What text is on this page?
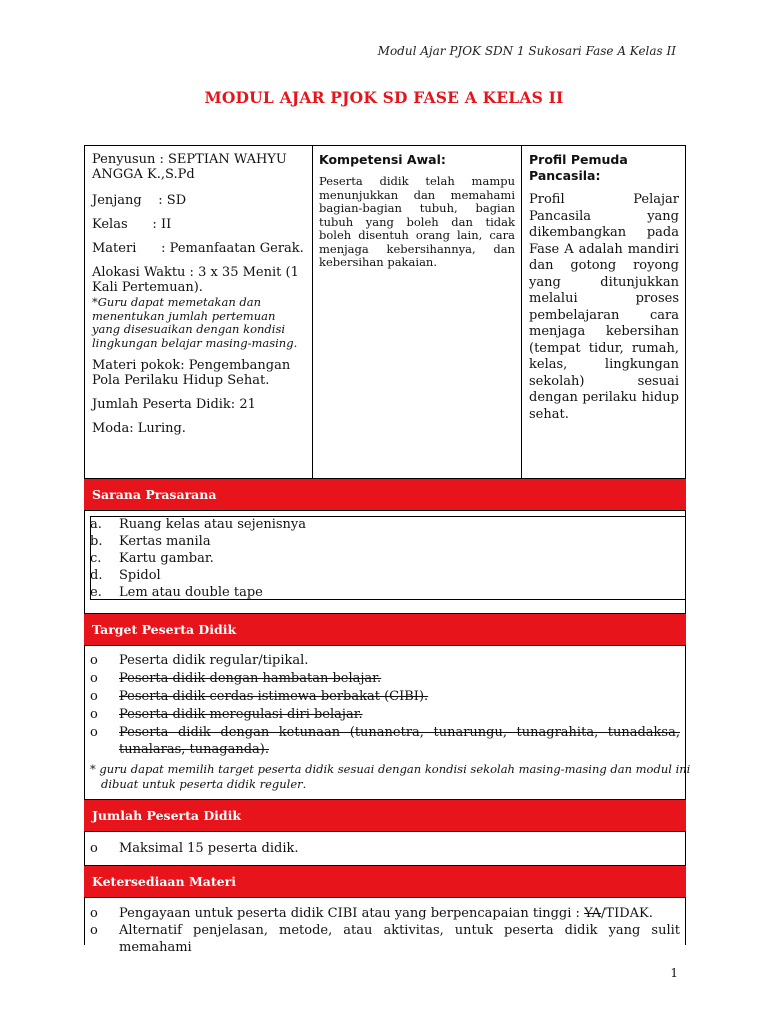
Modul Ajar PJOK SDN 1 Sukosari Fase A Kelas II
MODUL AJAR PJOK SD FASE A KELAS II
Penyusun : SEPTIAN WAHYU ANGGA K.,S.Pd
Jenjang    : SD
Kelas      : II
Materi      : Pemanfaatan Gerak.
Alokasi Waktu : 3 x 35 Menit (1 Kali Pertemuan).
*Guru dapat memetakan dan menentukan jumlah pertemuan yang disesuaikan dengan kondisi lingkungan belajar masing-masing.
Materi pokok: Pengembangan Pola Perilaku Hidup Sehat.
Jumlah Peserta Didik: 21
Moda: Luring.
Kompetensi Awal:
Peserta didik telah mampu menunjukkan dan memahami bagian-bagian tubuh, bagian tubuh yang boleh dan tidak boleh disentuh orang lain, cara menjaga kebersihannya, dan kebersihan pakaian.
Profil Pemuda Pancasila:
Profil Pelajar Pancasila yang dikembangkan pada Fase A adalah mandiri dan gotong royong yang ditunjukkan melalui proses pembelajaran cara menjaga kebersihan (tempat tidur, rumah, kelas, lingkungan sekolah) sesuai dengan perilaku hidup sehat.
Sarana Prasarana
a. Ruang kelas atau sejenisnya
b. Kertas manila
c. Kartu gambar.
d. Spidol
e. Lem atau double tape
Target Peserta Didik
o Peserta didik regular/tipikal.
o Peserta didik dengan hambatan belajar.
o Peserta didik cerdas istimewa berbakat (CIBI).
o Peserta didik meregulasi diri belajar.
o Peserta didik dengan ketunaan (tunanetra, tunarungu, tunagrahita, tunadaksa, tunalaras, tunaganda).
* guru dapat memilih target peserta didik sesuai dengan kondisi sekolah masing-masing dan modul ini dibuat untuk peserta didik reguler.
Jumlah Peserta Didik
o Maksimal 15 peserta didik.
Ketersediaan Materi
o Pengayaan untuk peserta didik CIBI atau yang berpencapaian tinggi : YA/TIDAK.
o Alternatif penjelasan, metode, atau aktivitas, untuk peserta didik yang sulit memahami
1
